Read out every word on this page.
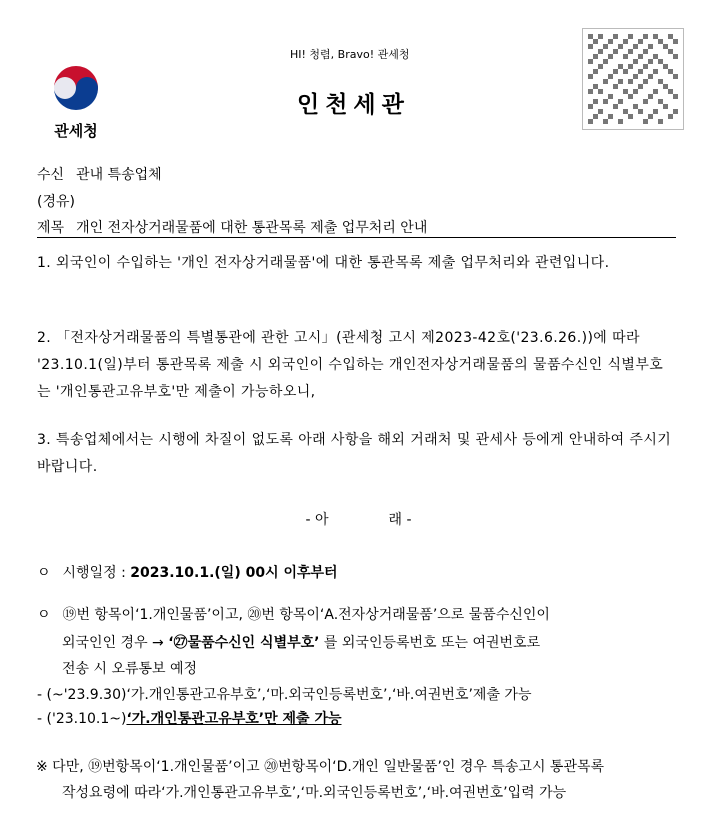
관세청
HI! 청렴, Bravo! 관세청
인천세관
수신 관내 특송업체
(경유)
제목 개인 전자상거래물품에 대한 통관목록 제출 업무처리 안내
1. 외국인이 수입하는 '개인 전자상거래물품'에 대한 통관목록 제출 업무처리와 관련입니다.
2. 「전자상거래물품의 특별통관에 관한 고시」(관세청 고시 제2023-42호('23.6.26.))에 따라 '23.10.1(일)부터 통관목록 제출 시 외국인이 수입하는 개인전자상거래물품의 물품수신인 식별부호는 '개인통관고유부호'만 제출이 가능하오니,
3. 특송업체에서는 시행에 차질이 없도록 아래 사항을 해외 거래처 및 관세사 등에게 안내하여 주시기 바랍니다.
- 아	래 -
ㅇ 시행일정 : 2023.10.1.(일) 00시 이후부터
ㅇ ⑲번 항목이‘1.개인물품’이고, ⑳번 항목이‘A.전자상거래물품’으로 물품수신인이
외국인인 경우 → ‘㉗물품수신인 식별부호’ 를 외국인등록번호 또는 여권번호로
전송 시 오류통보 예정
- (~'23.9.30)‘가.개인통관고유부호’,‘마.외국인등록번호’,‘바.여권번호’제출 가능
- ('23.10.1~)‘가.개인통관고유부호’만 제출 가능
※ 다만, ⑲번항목이‘1.개인물품’이고 ⑳번항목이‘D.개인 일반물품’인 경우 특송고시 통관목록
작성요령에 따라‘가.개인통관고유부호’,‘마.외국인등록번호’,‘바.여권번호’입력 가능
